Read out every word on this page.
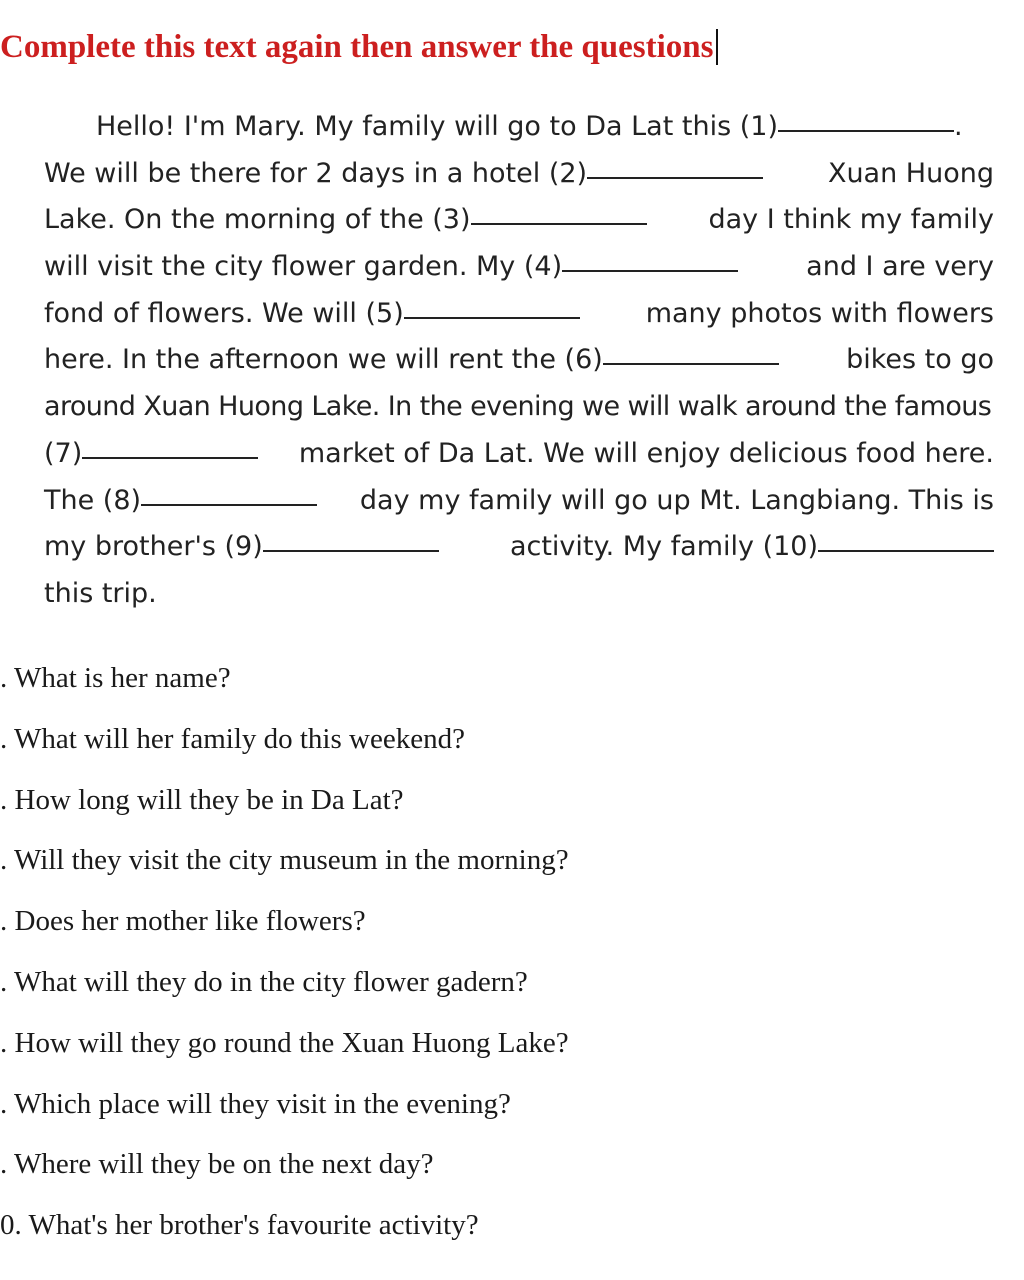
Complete this text again then answer the questions
Hello! I'm Mary. My family will go to Da Lat this (1)	.
We will be there for 2 days in a hotel (2)	Xuan Huong
Lake. On the morning of the (3)	day I think my family
will visit the city flower garden. My (4)	and I are very
fond of flowers. We will (5)	many photos with flowers
here. In the afternoon we will rent the (6)	bikes to go
around Xuan Huong Lake. In the evening we will walk around the famous
(7)	market of Da Lat. We will enjoy delicious food here.
The (8)	day my family will go up Mt. Langbiang. This is
my brother's (9)	activity. My family (10)
this trip.
. What is her name?
. What will her family do this weekend?
. How long will they be in Da Lat?
. Will they visit the city museum in the morning?
. Does her mother like flowers?
. What will they do in the city flower gadern?
. How will they go round the Xuan Huong Lake?
. Which place will they visit in the evening?
. Where will they be on the next day?
0. What's her brother's favourite activity?
